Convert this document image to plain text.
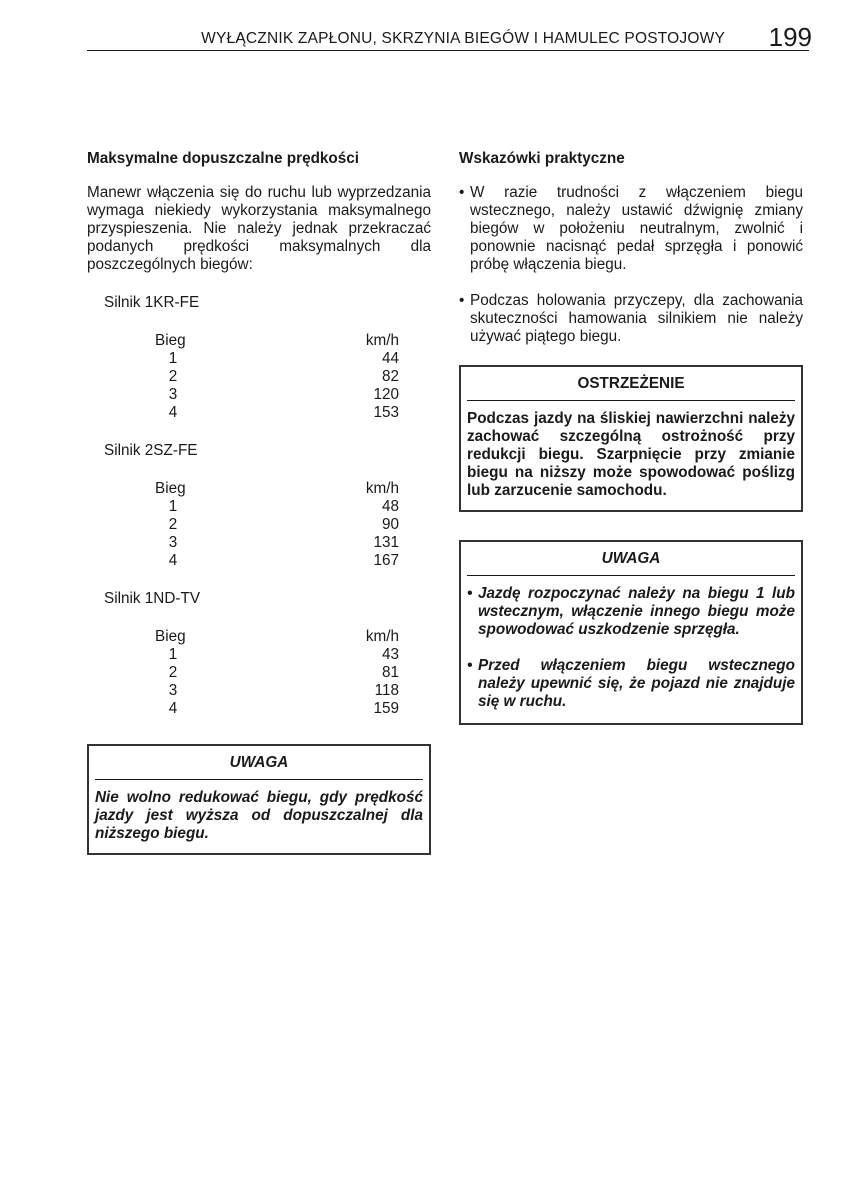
WYŁĄCZNIK ZAPŁONU, SKRZYNIA BIEGÓW I HAMULEC POSTOJOWY	199

Maksymalne dopuszczalne prędkości

Manewr włączenia się do ruchu lub wyprzedzania wymaga niekiedy wykorzystania maksymalnego przyspieszenia. Nie należy jednak przekraczać podanych prędkości maksymalnych dla poszczególnych biegów:

Silnik 1KR-FE
Bieg	km/h
1	44
2	82
3	120
4	153
Silnik 2SZ-FE
Bieg	km/h
1	48
2	90
3	131
4	167
Silnik 1ND-TV
Bieg	km/h
1	43
2	81
3	118
4	159

UWAGA

Nie wolno redukować biegu, gdy prędkość jazdy jest wyższa od dopuszczalnej dla niższego biegu.

Wskazówki praktyczne

• W razie trudności z włączeniem biegu wstecznego, należy ustawić dźwignię zmiany biegów w położeniu neutralnym, zwolnić i ponownie nacisnąć pedał sprzęgła i ponowić próbę włączenia biegu.
• Podczas holowania przyczepy, dla zachowania skuteczności hamowania silnikiem nie należy używać piątego biegu.

OSTRZEŻENIE

Podczas jazdy na śliskiej nawierzchni należy zachować szczególną ostrożność przy redukcji biegu. Szarpnięcie przy zmianie biegu na niższy może spowodować poślizg lub zarzucenie samochodu.

UWAGA

• Jazdę rozpoczynać należy na biegu 1 lub wstecznym, włączenie innego biegu może spowodować uszkodzenie sprzęgła.
• Przed włączeniem biegu wstecznego należy upewnić się, że pojazd nie znajduje się w ruchu.
